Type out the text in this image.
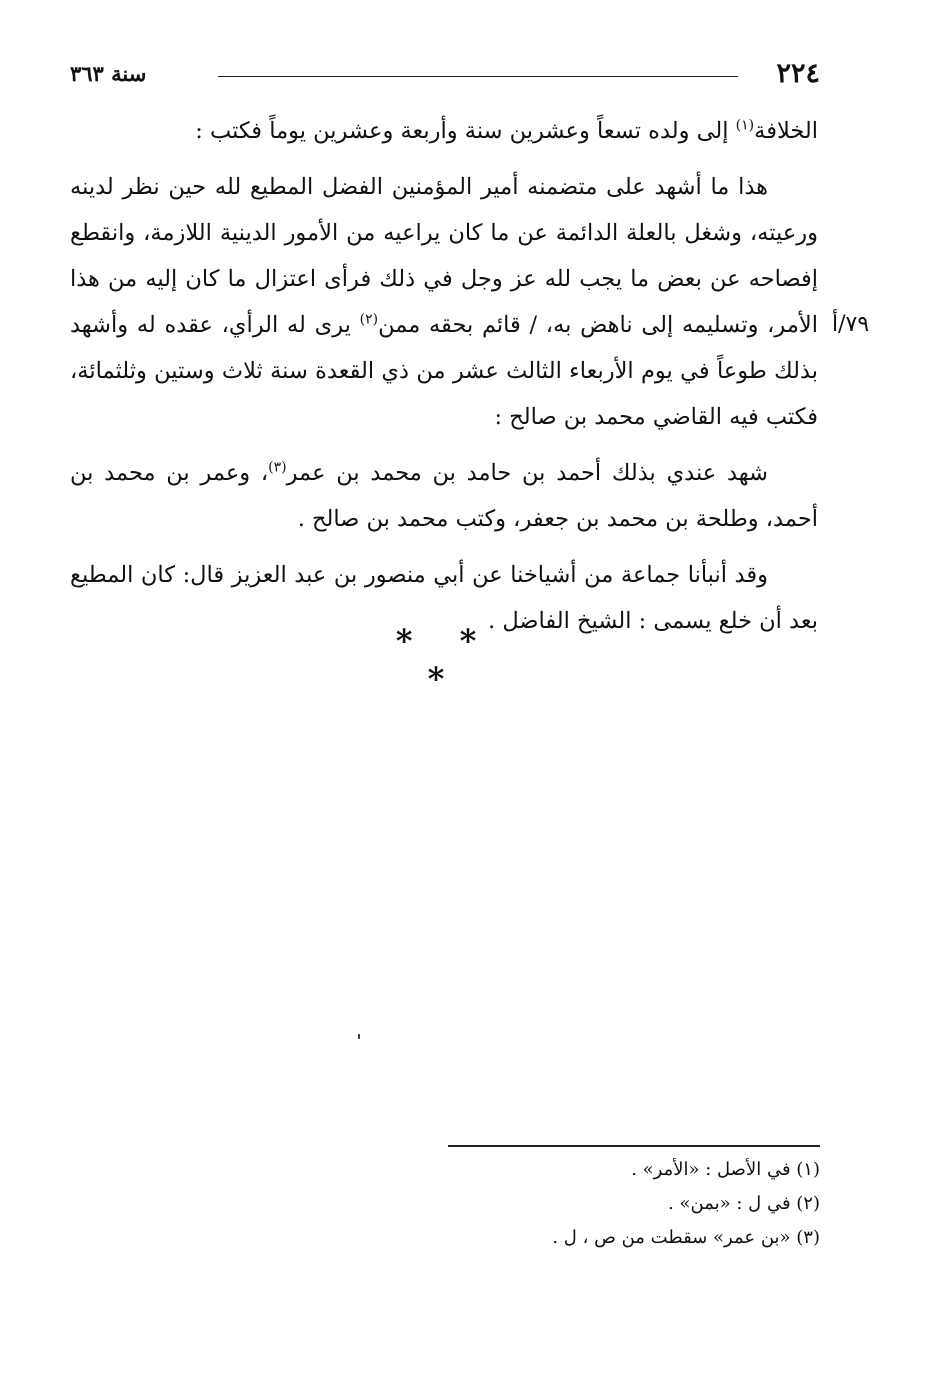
٢٢٤
سنة ٣٦٣

الخلافة$^{(١)}$ إلى ولده تسعاً وعشرين سنة وأربعة وعشرين يوماً فكتب :

هذا ما أشهد على متضمنه أمير المؤمنين الفضل المطيع لله حين نظر لدينه ورعيته، وشغل بالعلة الدائمة عن ما كان يراعيه من الأمور الدينية اللازمة، وانقطع إفصاحه عن بعض ما يجب لله عز وجل في ذلك فرأى اعتزال ما كان إليه من هذا الأمر، وتسليمه إلى ناهض به، / قائم بحقه ممن$^{(٢)}$ يرى له الرأي، عقده له وأشهد بذلك طوعاً في يوم الأربعاء الثالث عشر من ذي القعدة سنة ثلاث وستين وثلثمائة، فكتب فيه القاضي محمد بن صالح :

شهد عندي بذلك أحمد بن حامد بن محمد بن عمر$^{(٣)}$، وعمر بن محمد بن أحمد، وطلحة بن محمد بن جعفر، وكتب محمد بن صالح .

وقد أنبأنا جماعة من أشياخنا عن أبي منصور بن عبد العزيز قال: كان المطيع بعد أن خلع يسمى : الشيخ الفاضل .

٧٩/أ
* * *
(١) في الأصل : «الأمر» .
(٢) في ل : «بمن» .
(٣) «بن عمر» سقطت من ص ، ل .
